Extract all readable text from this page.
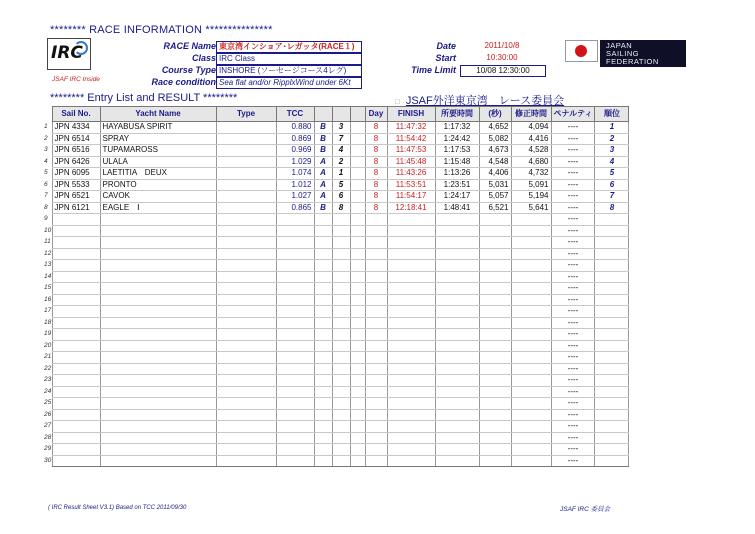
******** RACE INFORMATION ***************
IRC
JSAF IRC Inside
RACE Name 東京湾インショア･レガッタ(RACE１)
Class IRC Class
Course Type INSHORE (ソーセージコース4レグ)
Race condition Sea flat and/or RipplxWind under 6Kt
Date	2011/10/8
Start	10:30:00
Time Limit	10/08 12:30:00
JAPAN
SAILING
FEDERATION
******** Entry List and RESULT ********	□ JSAF外洋東京湾　レース委員会
	Sail No.	Yacht Name	Type	TCC				Day	FINISH	所要時間	(秒)	修正時間	ペナルティ	順位
1	JPN 4334	HAYABUSA SPIRIT		0.880	B	3		8	11:47:32	1:17:32	4,652	4,094	----	1
2	JPN 6514	SPRAY		0.869	B	7		8	11:54:42	1:24:42	5,082	4,416	----	2
3	JPN 6516	TUPAMAROSS		0.969	B	4		8	11:47:53	1:17:53	4,673	4,528	----	3
4	JPN 6426	ULALA		1.029	A	2		8	11:45:48	1:15:48	4,548	4,680	----	4
5	JPN 6095	LAETITIA　DEUX		1.074	A	1		8	11:43:26	1:13:26	4,406	4,732	----	5
6	JPN 5533	PRONTO		1.012	A	5		8	11:53:51	1:23:51	5,031	5,091	----	6
7	JPN 6521	CAVOK		1.027	A	6		8	11:54:17	1:24:17	5,057	5,194	----	7
8	JPN 6121	EAGLE　Ⅰ		0.865	B	8		8	12:18:41	1:48:41	6,521	5,641	----	8
9													----	
10													----	
11													----	
12													----	
13													----	
14													----	
15													----	
16													----	
17													----	
18													----	
19													----	
20													----	
21													----	
22													----	
23													----	
24													----	
25													----	
26													----	
27													----	
28													----	
29													----	
30													----	
( IRC Result Sheet V3.1) Based on TCC 2011/09/30	JSAF IRC 委員会
